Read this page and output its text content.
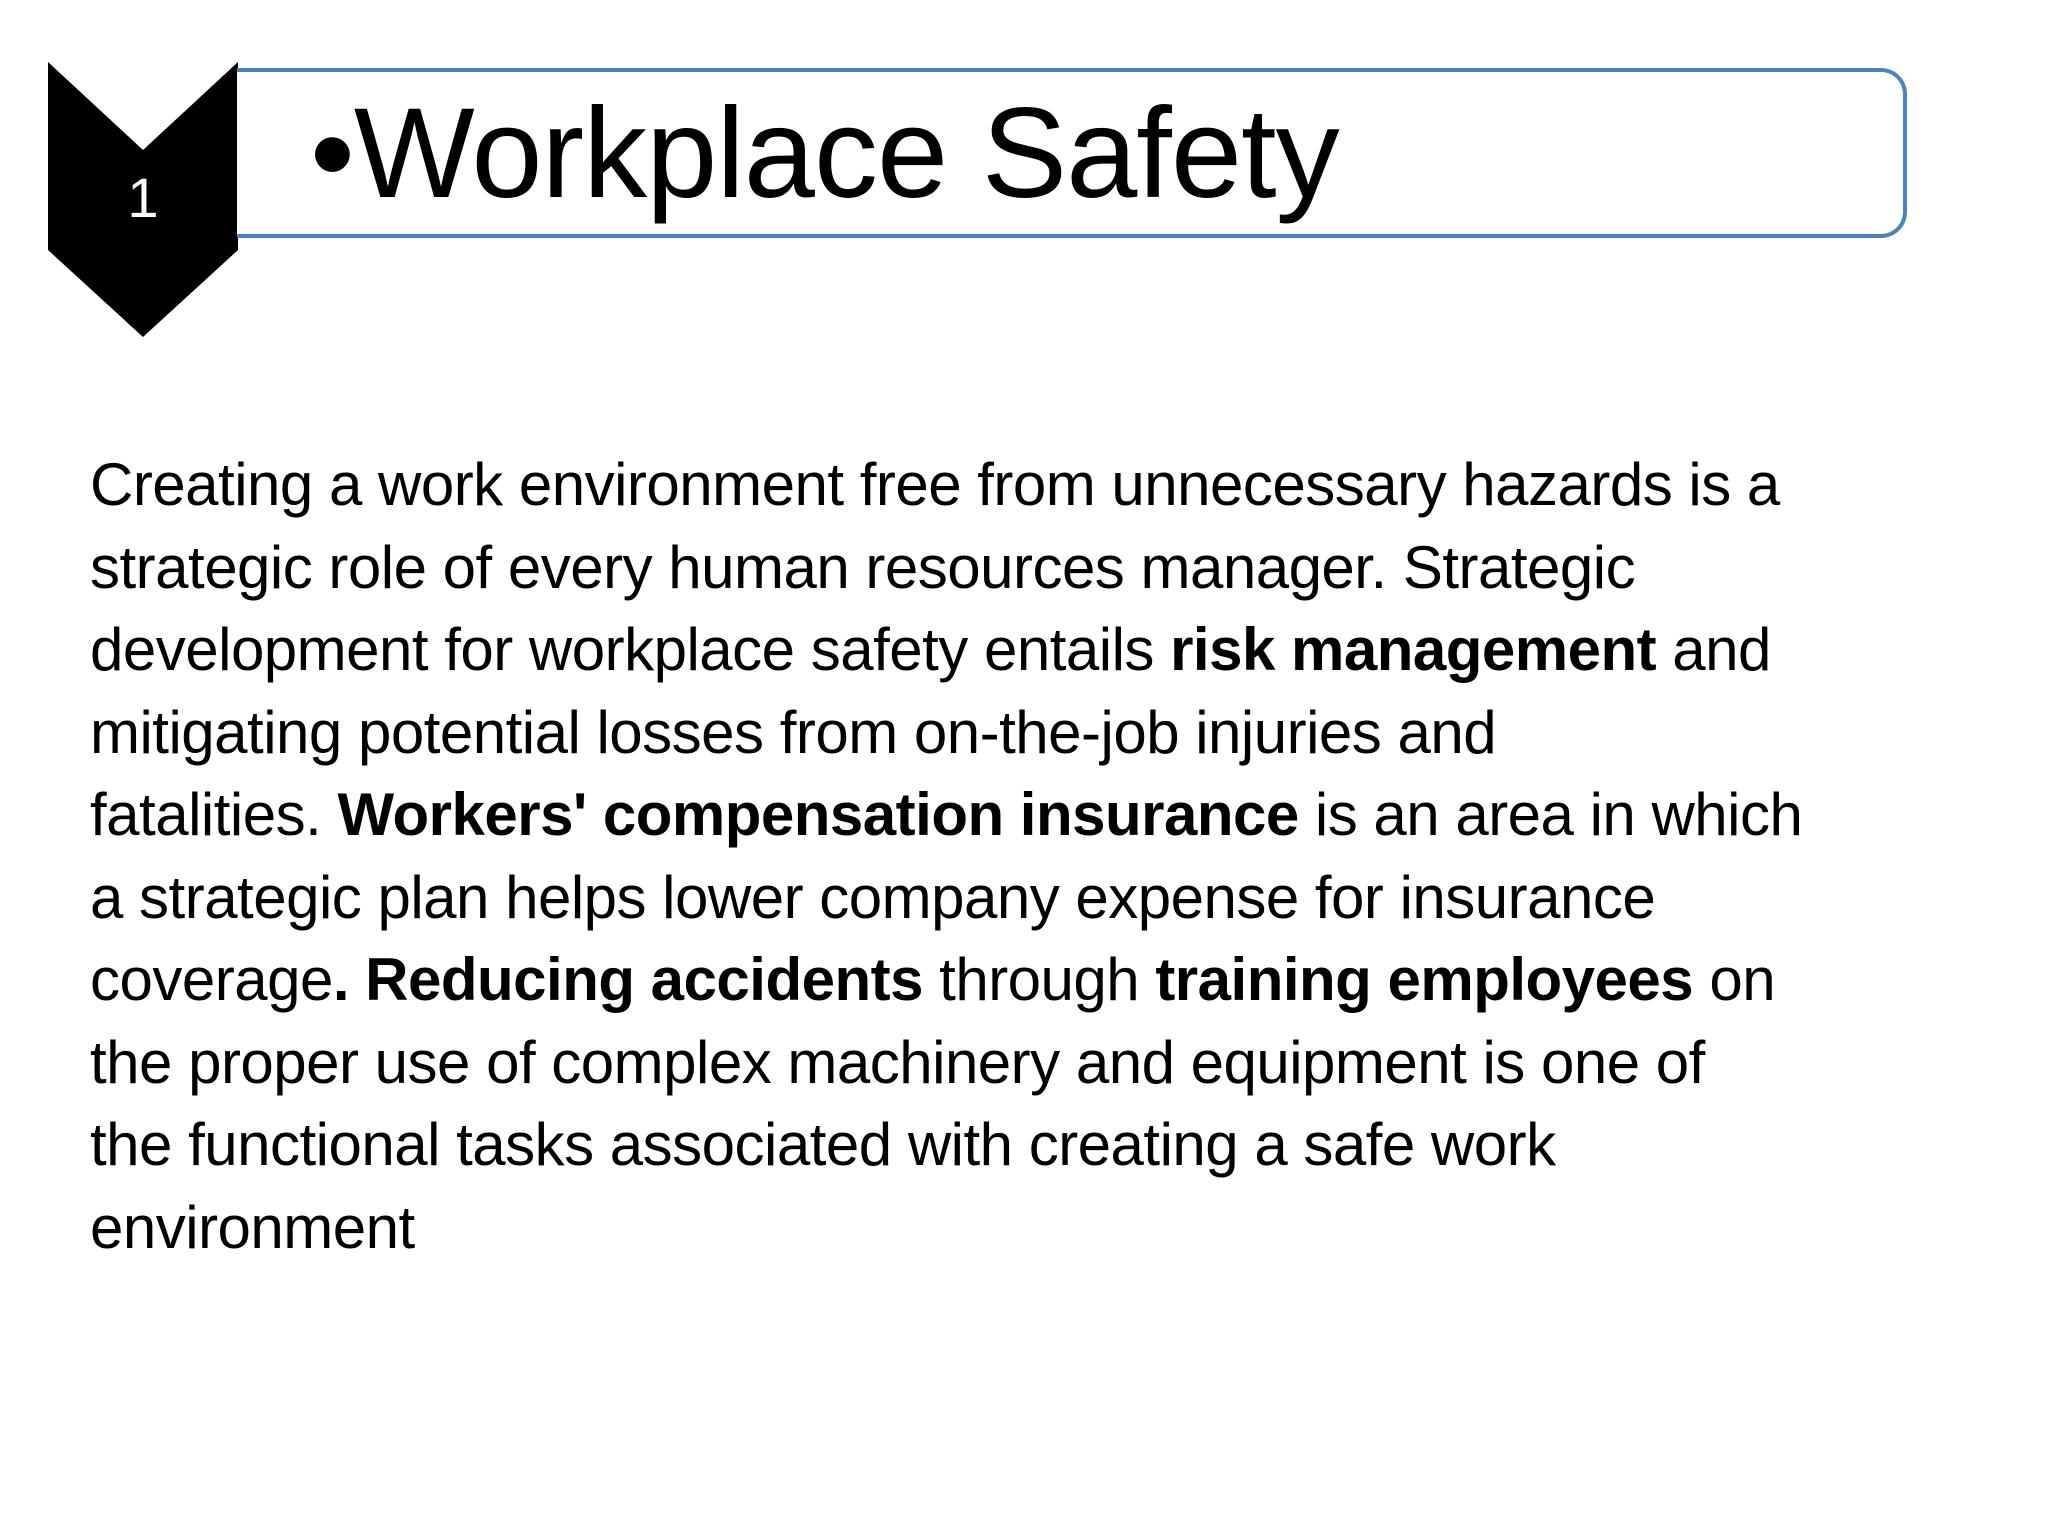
1	•Workplace Safety
Creating a work environment free from unnecessary hazards is a
strategic role of every human resources manager. Strategic
development for workplace safety entails risk management and
mitigating potential losses from on-the-job injuries and
fatalities. Workers' compensation insurance is an area in which
a strategic plan helps lower company expense for insurance
coverage. Reducing accidents through training employees on
the proper use of complex machinery and equipment is one of
the functional tasks associated with creating a safe work
environment
